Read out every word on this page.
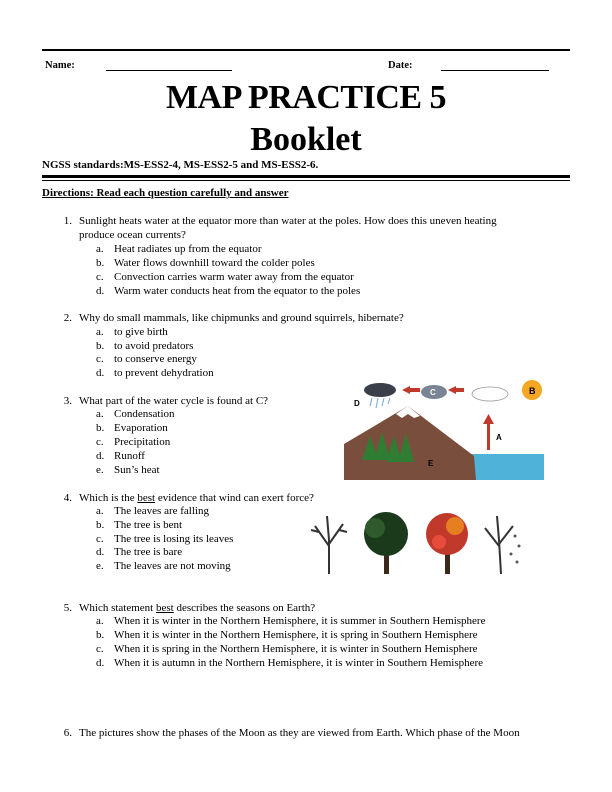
Name:	Date:
MAP PRACTICE 5
Booklet
NGSS standards:MS-ESS2-4, MS-ESS2-5 and MS-ESS2-6.
Directions: Read each question carefully and answer
1. Sunlight heats water at the equator more than water at the poles. How does this uneven heating
produce ocean currents?
a. Heat radiates up from the equator
b. Water flows downhill toward the colder poles
c. Convection carries warm water away from the equator
d. Warm water conducts heat from the equator to the poles
2. Why do small mammals, like chipmunks and ground squirrels, hibernate?
a. to give birth
b. to avoid predators
c. to conserve energy
d. to prevent dehydration
3. What part of the water cycle is found at C?
a. Condensation
b. Evaporation
c. Precipitation
d. Runoff
e. Sun’s heat
B
C
D
A
E
4. Which is the best evidence that wind can exert force?
a. The leaves are falling
b. The tree is bent
c. The tree is losing its leaves
d. The tree is bare
e. The leaves are not moving
5. Which statement best describes the seasons on Earth?
a. When it is winter in the Northern Hemisphere, it is summer in Southern Hemisphere
b. When it is winter in the Northern Hemisphere, it is spring in Southern Hemisphere
c. When it is spring in the Northern Hemisphere, it is winter in Southern Hemisphere
d. When it is autumn in the Northern Hemisphere, it is winter in Southern Hemisphere
6. The pictures show the phases of the Moon as they are viewed from Earth. Which phase of the Moon
